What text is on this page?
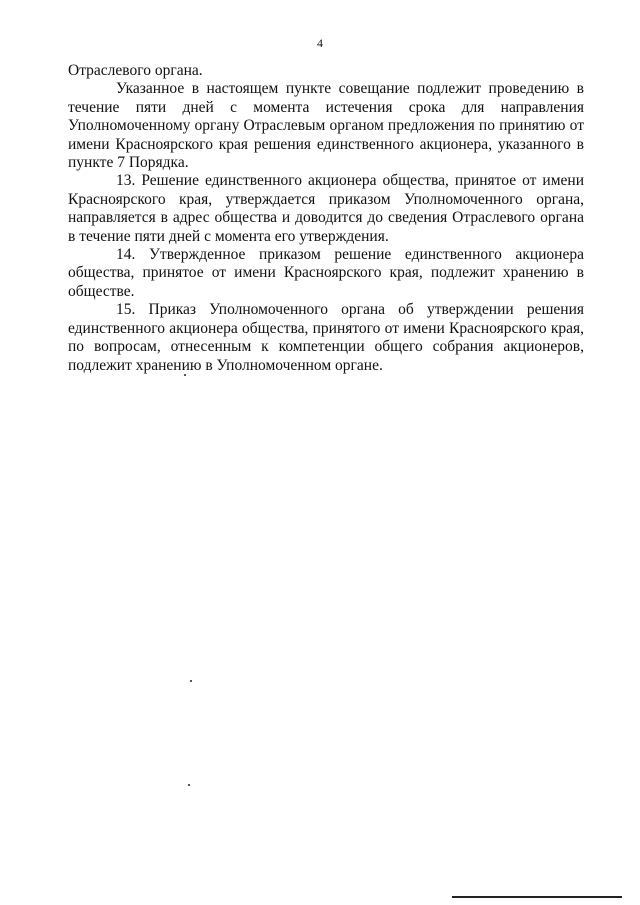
4

Отраслевого органа.

Указанное в настоящем пункте совещание подлежит проведению в течение пяти дней с момента истечения срока для направления Уполномоченному органу Отраслевым органом предложения по принятию от имени Красноярского края решения единственного акционера, указанного в пункте 7 Порядка.

13. Решение единственного акционера общества, принятое от имени Красноярского края, утверждается приказом Уполномоченного органа, направляется в адрес общества и доводится до сведения Отраслевого органа в течение пяти дней с момента его утверждения.

14. Утвержденное приказом решение единственного акционера общества, принятое от имени Красноярского края, подлежит хранению в обществе.

15. Приказ Уполномоченного органа об утверждении решения единственного акционера общества, принятого от имени Красноярского края, по вопросам, отнесенным к компетенции общего собрания акционеров, подлежит хранению в Уполномоченном органе.
